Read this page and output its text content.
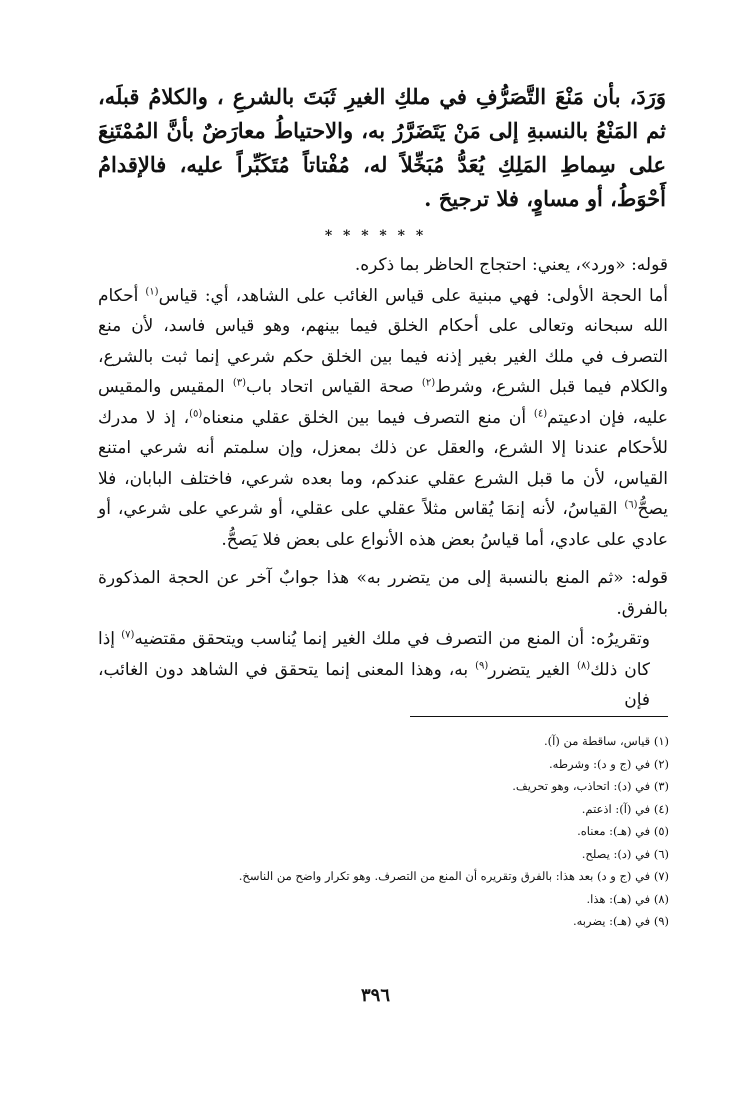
وَرَدَ، بأن مَنْعَ التَّصَرُّفِ في ملكِ الغيرِ ثَبَتَ بالشرعِ ، والكلامُ قبلَه، ثم المَنْعُ بالنسبةِ إلى مَنْ يَتَضَرَّرُ به، والاحتياطُ معارَضٌ بأنَّ المُمْتَنِعَ على سِماطِ المَلِكِ يُعَدُّ مُبَخِّلاً له، مُفْتاتاً مُتَكَبِّراً عليه، فالإقدامُ أَحْوَطُ، أو مساوٍ، فلا ترجيحَ .

* * * * * *

قوله: «ورد»، يعني: احتجاج الحاظر بما ذكره.

أما الحجة الأولى: فهي مبنية على قياس الغائب على الشاهد، أي: قياس$^{(١)}$ أحكام الله سبحانه وتعالى على أحكام الخلق فيما بينهم، وهو قياس فاسد، لأن منع التصرف في ملك الغير بغير إذنه فيما بين الخلق حكم شرعي إنما ثبت بالشرع، والكلام فيما قبل الشرع، وشرط$^{(٢)}$ صحة القياس اتحاد باب$^{(٣)}$ المقيس والمقيس عليه، فإن ادعيتم$^{(٤)}$ أن منع التصرف فيما بين الخلق عقلي منعناه$^{(٥)}$، إذ لا مدرك للأحكام عندنا إلا الشرع، والعقل عن ذلك بمعزل، وإن سلمتم أنه شرعي امتنع القياس، لأن ما قبل الشرع عقلي عندكم، وما بعده شرعي، فاختلف البابان، فلا يصحُّ$^{(٦)}$ القياسُ، لأنه إنمَا يُقاس مثلاً عقلي على عقلي، أو شرعي على شرعي، أو عادي على عادي، أما قياسُ بعض هذه الأنواع على بعض فلا يَصحُّ.

قوله: «ثم المنع بالنسبة إلى من يتضرر به» هذا جوابٌ آخر عن الحجة المذكورة بالفرق.

وتقريرُه: أن المنع من التصرف في ملك الغير إنما يُناسب ويتحقق مقتضيه$^{(٧)}$ إذا كان ذلك$^{(٨)}$ الغير يتضرر$^{(٩)}$ به، وهذا المعنى إنما يتحقق في الشاهد دون الغائب، فإن

(١) قياس، ساقطة من (آ).
(٢) في (ج و د): وشرطه.
(٣) في (د): اتحاذب، وهو تحريف.
(٤) في (آ): اذعتم.
(٥) في (هـ): معناه.
(٦) في (د): يصلح.
(٧) في (ج و د) بعد هذا: بالفرق وتقريره أن المنع من التصرف. وهو تكرار واضح من الناسخ.
(٨) في (هـ): هذا.
(٩) في (هـ): يضربه.
٣٩٦
